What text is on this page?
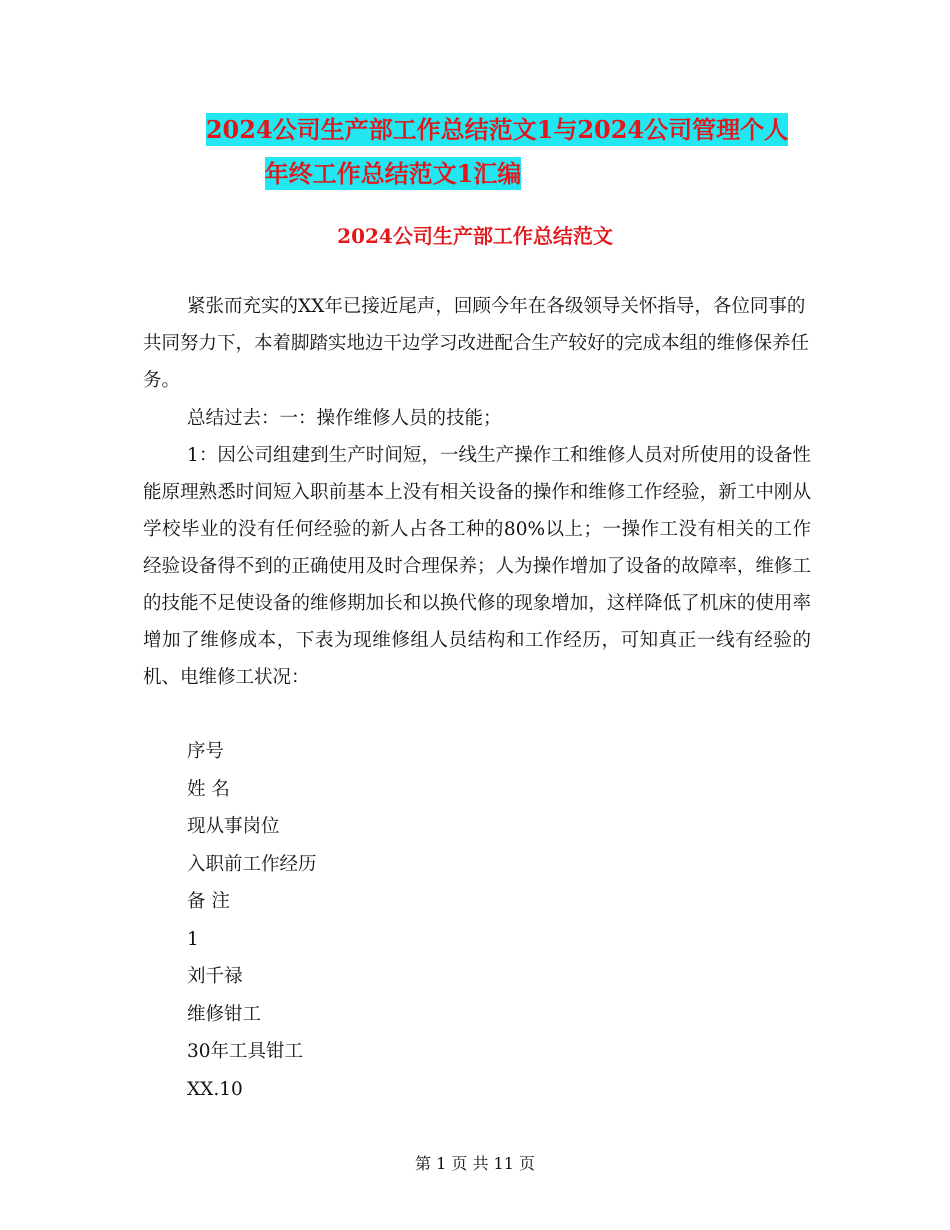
2024公司生产部工作总结范文1与2024公司管理个人
年终工作总结范文1汇编
2024公司生产部工作总结范文
紧张而充实的XX年已接近尾声，回顾今年在各级领导关怀指导，各位同事的共同努力下，本着脚踏实地边干边学习改进配合生产较好的完成本组的维修保养任务。
总结过去：一：操作维修人员的技能；
1：因公司组建到生产时间短，一线生产操作工和维修人员对所使用的设备性能原理熟悉时间短入职前基本上没有相关设备的操作和维修工作经验，新工中刚从学校毕业的没有任何经验的新人占各工种的80%以上；一操作工没有相关的工作经验设备得不到的正确使用及时合理保养；人为操作增加了设备的故障率，维修工的技能不足使设备的维修期加长和以换代修的现象增加，这样降低了机床的使用率增加了维修成本，下表为现维修组人员结构和工作经历，可知真正一线有经验的机、电维修工状况：
序号
姓 名
现从事岗位
入职前工作经历
备 注
1
刘千禄
维修钳工
30年工具钳工
XX.10
第 1 页 共 11 页
